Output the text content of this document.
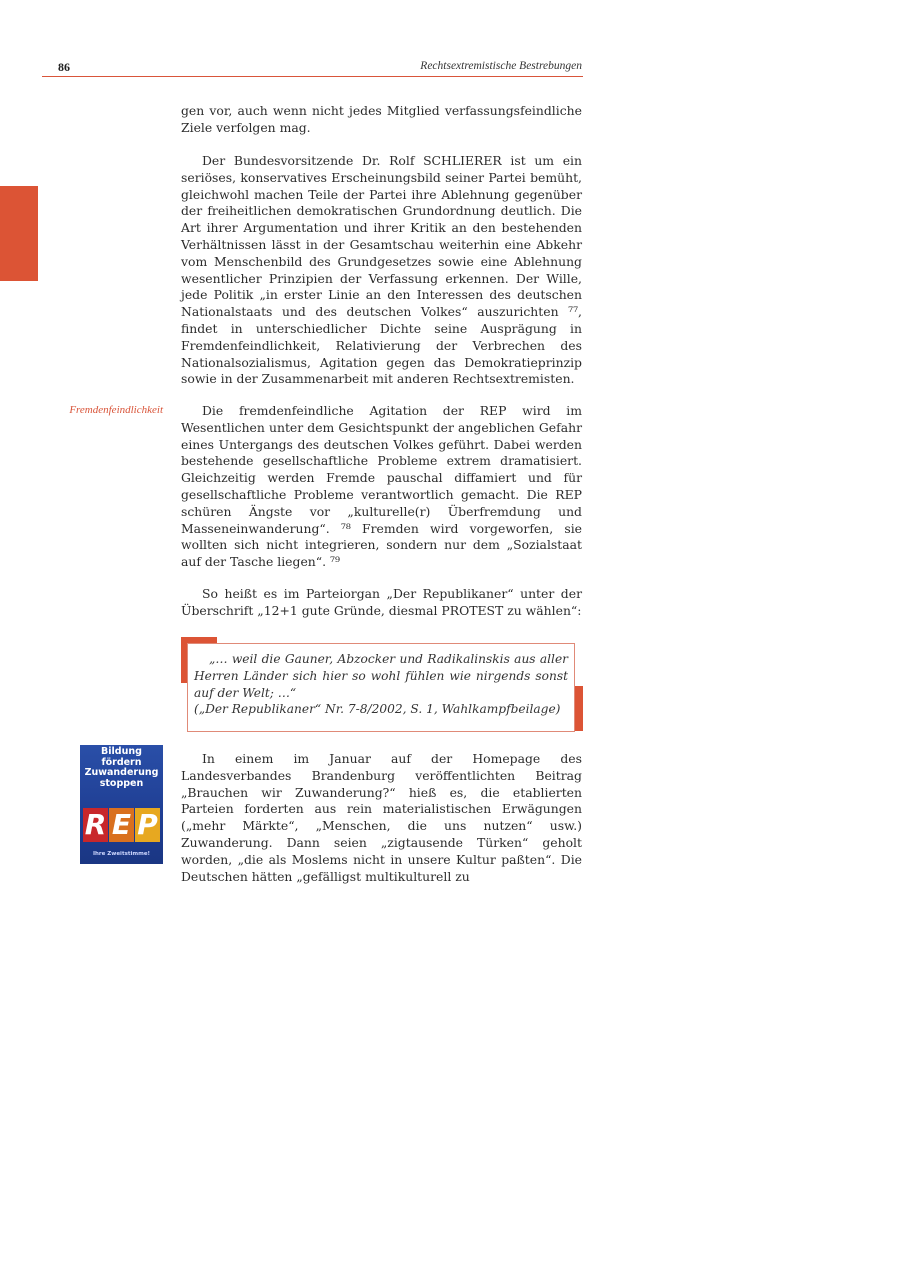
86	Rechtsextremistische Bestrebungen

gen vor, auch wenn nicht jedes Mitglied verfassungsfeindliche Ziele verfolgen mag.

Der Bundesvorsitzende Dr. Rolf SCHLIERER ist um ein seriöses, konservatives Erscheinungsbild seiner Partei bemüht, gleichwohl machen Teile der Partei ihre Ablehnung gegenüber der freiheitlichen demokratischen Grundordnung deutlich. Die Art ihrer Argumentation und ihrer Kritik an den bestehenden Verhältnissen lässt in der Gesamtschau weiterhin eine Abkehr vom Menschenbild des Grundgesetzes sowie eine Ablehnung wesentlicher Prinzipien der Verfassung erkennen. Der Wille, jede Politik „in erster Linie an den Interessen des deutschen Nationalstaats und des deutschen Volkes“ auszurichten ⁷⁷, findet in unterschiedlicher Dichte seine Ausprägung in Fremdenfeindlichkeit, Relativierung der Verbrechen des Nationalsozialismus, Agitation gegen das Demokratieprinzip sowie in der Zusammenarbeit mit anderen Rechtsextremisten.

Fremdenfeindlichkeit	Die fremdenfeindliche Agitation der REP wird im Wesentlichen unter dem Gesichtspunkt der angeblichen Gefahr eines Untergangs des deutschen Volkes geführt. Dabei werden bestehende gesellschaftliche Probleme extrem dramatisiert. Gleichzeitig werden Fremde pauschal diffamiert und für gesellschaftliche Probleme verantwortlich gemacht. Die REP schüren Ängste vor „kulturelle(r) Überfremdung und Masseneinwanderung“. ⁷⁸ Fremden wird vorgeworfen, sie wollten sich nicht integrieren, sondern nur dem „Sozialstaat auf der Tasche liegen“. ⁷⁹

So heißt es im Parteiorgan „Der Republikaner“ unter der Überschrift „12+1 gute Gründe, diesmal PROTEST zu wählen“:

„… weil die Gauner, Abzocker und Radikalinskis aus aller Herren Länder sich hier so wohl fühlen wie nirgends sonst auf der Welt; …“

(„Der Republikaner“ Nr. 7-8/2002, S. 1, Wahlkampfbeilage)

Bildung
fördern
Zuwanderung
stoppen
R E P
Ihre Zweitstimme!

In einem im Januar auf der Homepage des Landesverbandes Brandenburg veröffentlichten Beitrag „Brauchen wir Zuwanderung?“ hieß es, die etablierten Parteien forderten aus rein materialistischen Erwägungen („mehr Märkte“, „Menschen, die uns nutzen“ usw.) Zuwanderung. Dann seien „zigtausende Türken“ geholt worden, „die als Moslems nicht in unsere Kultur paßten“. Die Deutschen hätten „gefälligst multikulturell zu
